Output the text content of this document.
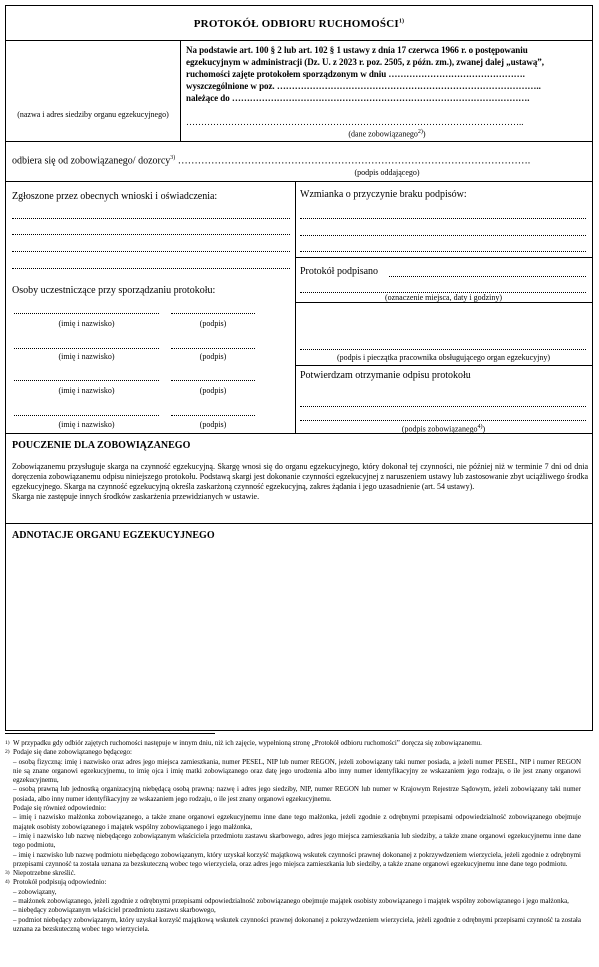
PROTOKÓŁ ODBIORU RUCHOMOŚCI$^{1)}$
(nazwa i adres siedziby organu egzekucyjnego)
Na podstawie art. 100 § 2 lub art. 102 § 1 ustawy z dnia 17 czerwca 1966 r. o postępowaniu
egzekucyjnym w administracji (Dz. U. z 2023 r. poz. 2505, z późn. zm.), zwanej dalej „ustawą”,
ruchomości zajęte protokołem sporządzonym w dniu ……………………………………….
wyszczególnione w poz. ……………………………………………………………………………..
należące do ……………………………………………………………………………………….
…………………………………………………………………………………………………..
(dane zobowiązanego$^{2)}$)
odbiera się od zobowiązanego/ dozorcy$^{3)}$ …………………………………………………………………………………………….
(podpis oddającego)
Zgłoszone przez obecnych wnioski i oświadczenia:
Osoby uczestniczące przy sporządzaniu protokołu:
(imię i nazwisko)	(podpis)
(imię i nazwisko)	(podpis)
(imię i nazwisko)	(podpis)
(imię i nazwisko)	(podpis)
Wzmianka o przyczynie braku podpisów:
Protokół podpisano
(oznaczenie miejsca, daty i godziny)
(podpis i pieczątka pracownika obsługującego organ egzekucyjny)
Potwierdzam otrzymanie odpisu protokołu
(podpis zobowiązanego$^{4)}$)
POUCZENIE DLA ZOBOWIĄZANEGO
Zobowiązanemu przysługuje skarga na czynność egzekucyjną. Skargę wnosi się do organu egzekucyjnego, który dokonał tej czynności, nie później niż w terminie 7 dni od dnia doręczenia zobowiązanemu odpisu niniejszego protokołu. Podstawą skargi jest dokonanie czynności egzekucyjnej z naruszeniem ustawy lub zastosowanie zbyt uciążliwego środka egzekucyjnego. Skarga na czynność egzekucyjną określa zaskarżoną czynność egzekucyjną, zakres żądania i jego uzasadnienie (art. 54 ustawy).
Skarga nie zastępuje innych środków zaskarżenia przewidzianych w ustawie.
ADNOTACJE ORGANU EGZEKUCYJNEGO
1) W przypadku gdy odbiór zajętych ruchomości następuje w innym dniu, niż ich zajęcie, wypełnioną stronę „Protokół odbioru ruchomości” doręcza się zobowiązanemu.
2) Podaje się dane zobowiązanego będącego:
– osobą fizyczną: imię i nazwisko oraz adres jego miejsca zamieszkania, numer PESEL, NIP lub numer REGON, jeżeli zobowiązany taki numer posiada, a jeżeli numer PESEL, NIP i numer REGON nie są znane organowi egzekucyjnemu, to imię ojca i imię matki zobowiązanego oraz datę jego urodzenia albo inny numer identyfikacyjny ze wskazaniem jego rodzaju, o ile jest znany organowi egzekucyjnemu,
– osobą prawną lub jednostką organizacyjną niebędącą osobą prawną: nazwę i adres jego siedziby, NIP, numer REGON lub numer w Krajowym Rejestrze Sądowym, jeżeli zobowiązany taki numer posiada, albo inny numer identyfikacyjny ze wskazaniem jego rodzaju, o ile jest znany organowi egzekucyjnemu.
Podaje się również odpowiednio:
– imię i nazwisko małżonka zobowiązanego, a także znane organowi egzekucyjnemu inne dane tego małżonka, jeżeli zgodnie z odrębnymi przepisami odpowiedzialność zobowiązanego obejmuje majątek osobisty zobowiązanego i majątek wspólny zobowiązanego i jego małżonka,
– imię i nazwisko lub nazwę niebędącego zobowiązanym właściciela przedmiotu zastawu skarbowego, adres jego miejsca zamieszkania lub siedziby, a także znane organowi egzekucyjnemu inne dane tego podmiotu,
– imię i nazwisko lub nazwę podmiotu niebędącego zobowiązanym, który uzyskał korzyść majątkową wskutek czynności prawnej dokonanej z pokrzywdzeniem wierzyciela, jeżeli zgodnie z odrębnymi przepisami czynność ta została uznana za bezskuteczną wobec tego wierzyciela, oraz adres jego miejsca zamieszkania lub siedziby, a także znane organowi egzekucyjnemu inne dane tego podmiotu.
3) Niepotrzebne skreślić.
4) Protokół podpisują odpowiednio:
– zobowiązany,
– małżonek zobowiązanego, jeżeli zgodnie z odrębnymi przepisami odpowiedzialność zobowiązanego obejmuje majątek osobisty zobowiązanego i majątek wspólny zobowiązanego i jego małżonka,
– niebędący zobowiązanym właściciel przedmiotu zastawu skarbowego,
– podmiot niebędący zobowiązanym, który uzyskał korzyść majątkową wskutek czynności prawnej dokonanej z pokrzywdzeniem wierzyciela, jeżeli zgodnie z odrębnymi przepisami czynność ta została uznana za bezskuteczną wobec tego wierzyciela.
